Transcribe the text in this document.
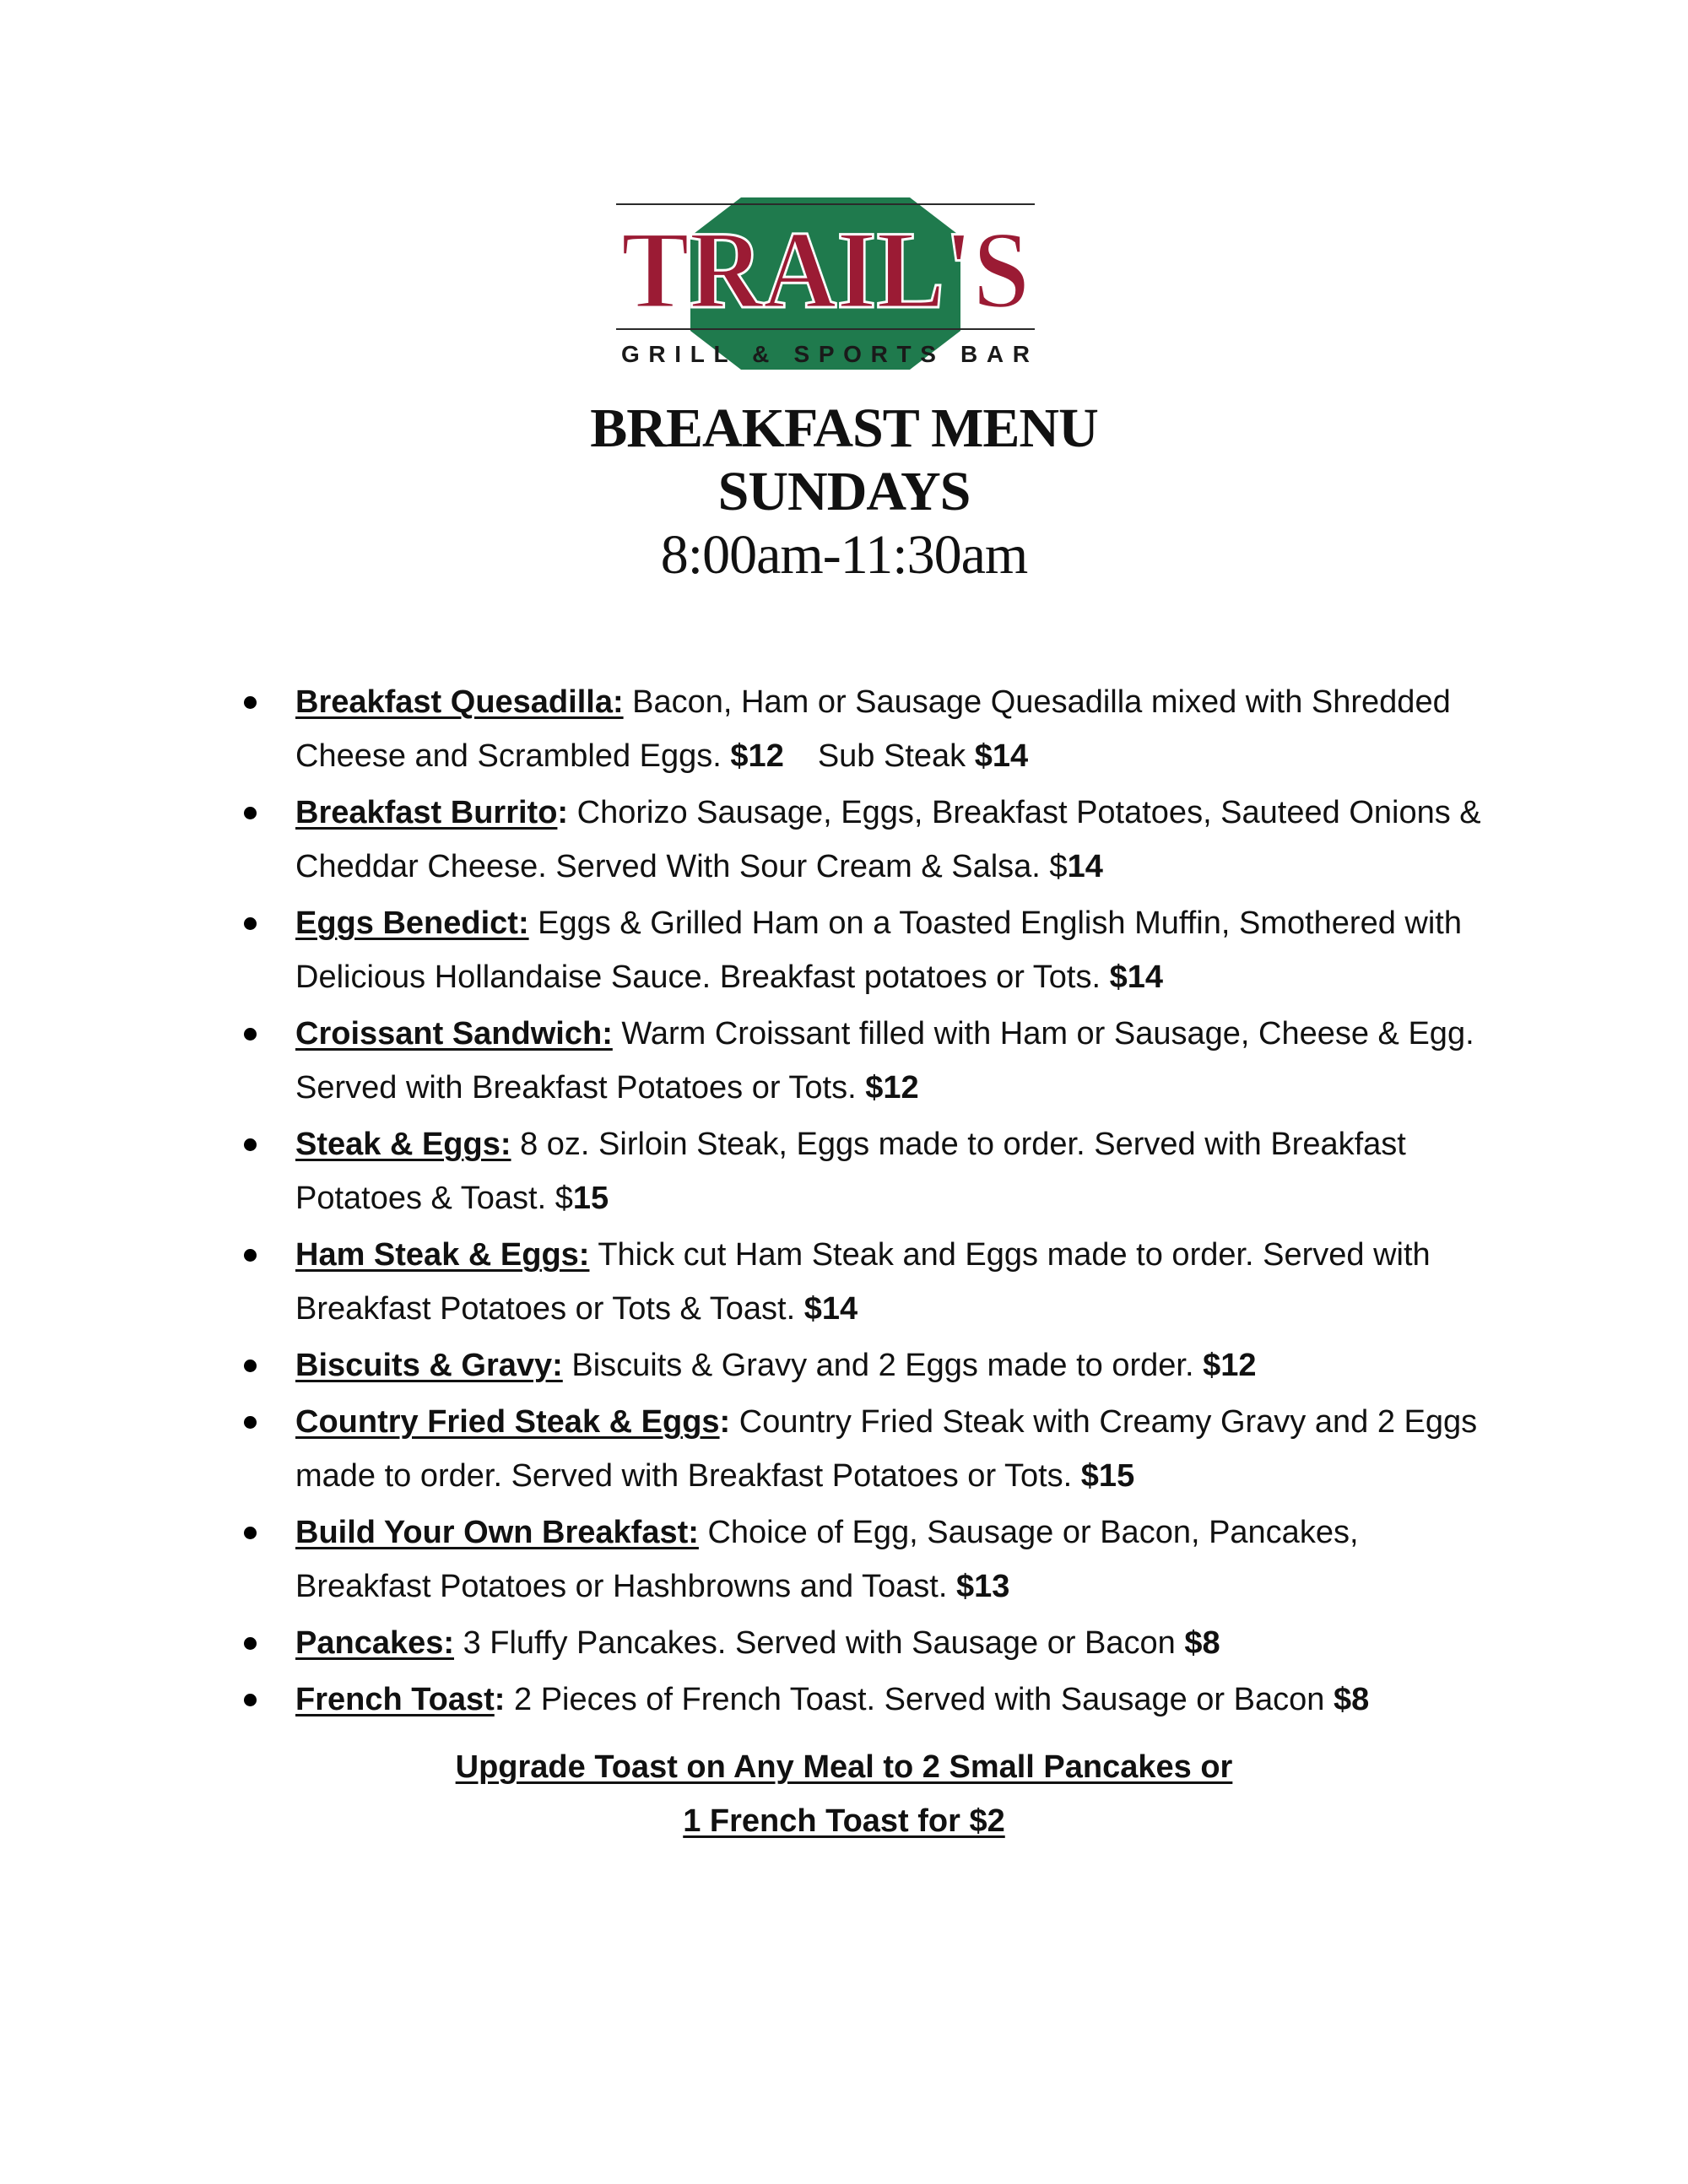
TRAIL'S
GRILL & SPORTS BAR
BREAKFAST MENU
SUNDAYS
8:00am-11:30am
Breakfast Quesadilla: Bacon, Ham or Sausage Quesadilla mixed with Shredded Cheese and Scrambled Eggs. $12 Sub Steak $14
Breakfast Burrito: Chorizo Sausage, Eggs, Breakfast Potatoes, Sauteed Onions & Cheddar Cheese. Served With Sour Cream & Salsa. $14
Eggs Benedict: Eggs & Grilled Ham on a Toasted English Muffin, Smothered with Delicious Hollandaise Sauce. Breakfast potatoes or Tots. $14
Croissant Sandwich: Warm Croissant filled with Ham or Sausage, Cheese & Egg. Served with Breakfast Potatoes or Tots. $12
Steak & Eggs: 8 oz. Sirloin Steak, Eggs made to order. Served with Breakfast Potatoes & Toast. $15
Ham Steak & Eggs: Thick cut Ham Steak and Eggs made to order. Served with Breakfast Potatoes or Tots & Toast. $14
Biscuits & Gravy: Biscuits & Gravy and 2 Eggs made to order. $12
Country Fried Steak & Eggs: Country Fried Steak with Creamy Gravy and 2 Eggs made to order. Served with Breakfast Potatoes or Tots. $15
Build Your Own Breakfast: Choice of Egg, Sausage or Bacon, Pancakes, Breakfast Potatoes or Hashbrowns and Toast. $13
Pancakes: 3 Fluffy Pancakes. Served with Sausage or Bacon $8
French Toast: 2 Pieces of French Toast. Served with Sausage or Bacon $8
Upgrade Toast on Any Meal to 2 Small Pancakes or
1 French Toast for $2
